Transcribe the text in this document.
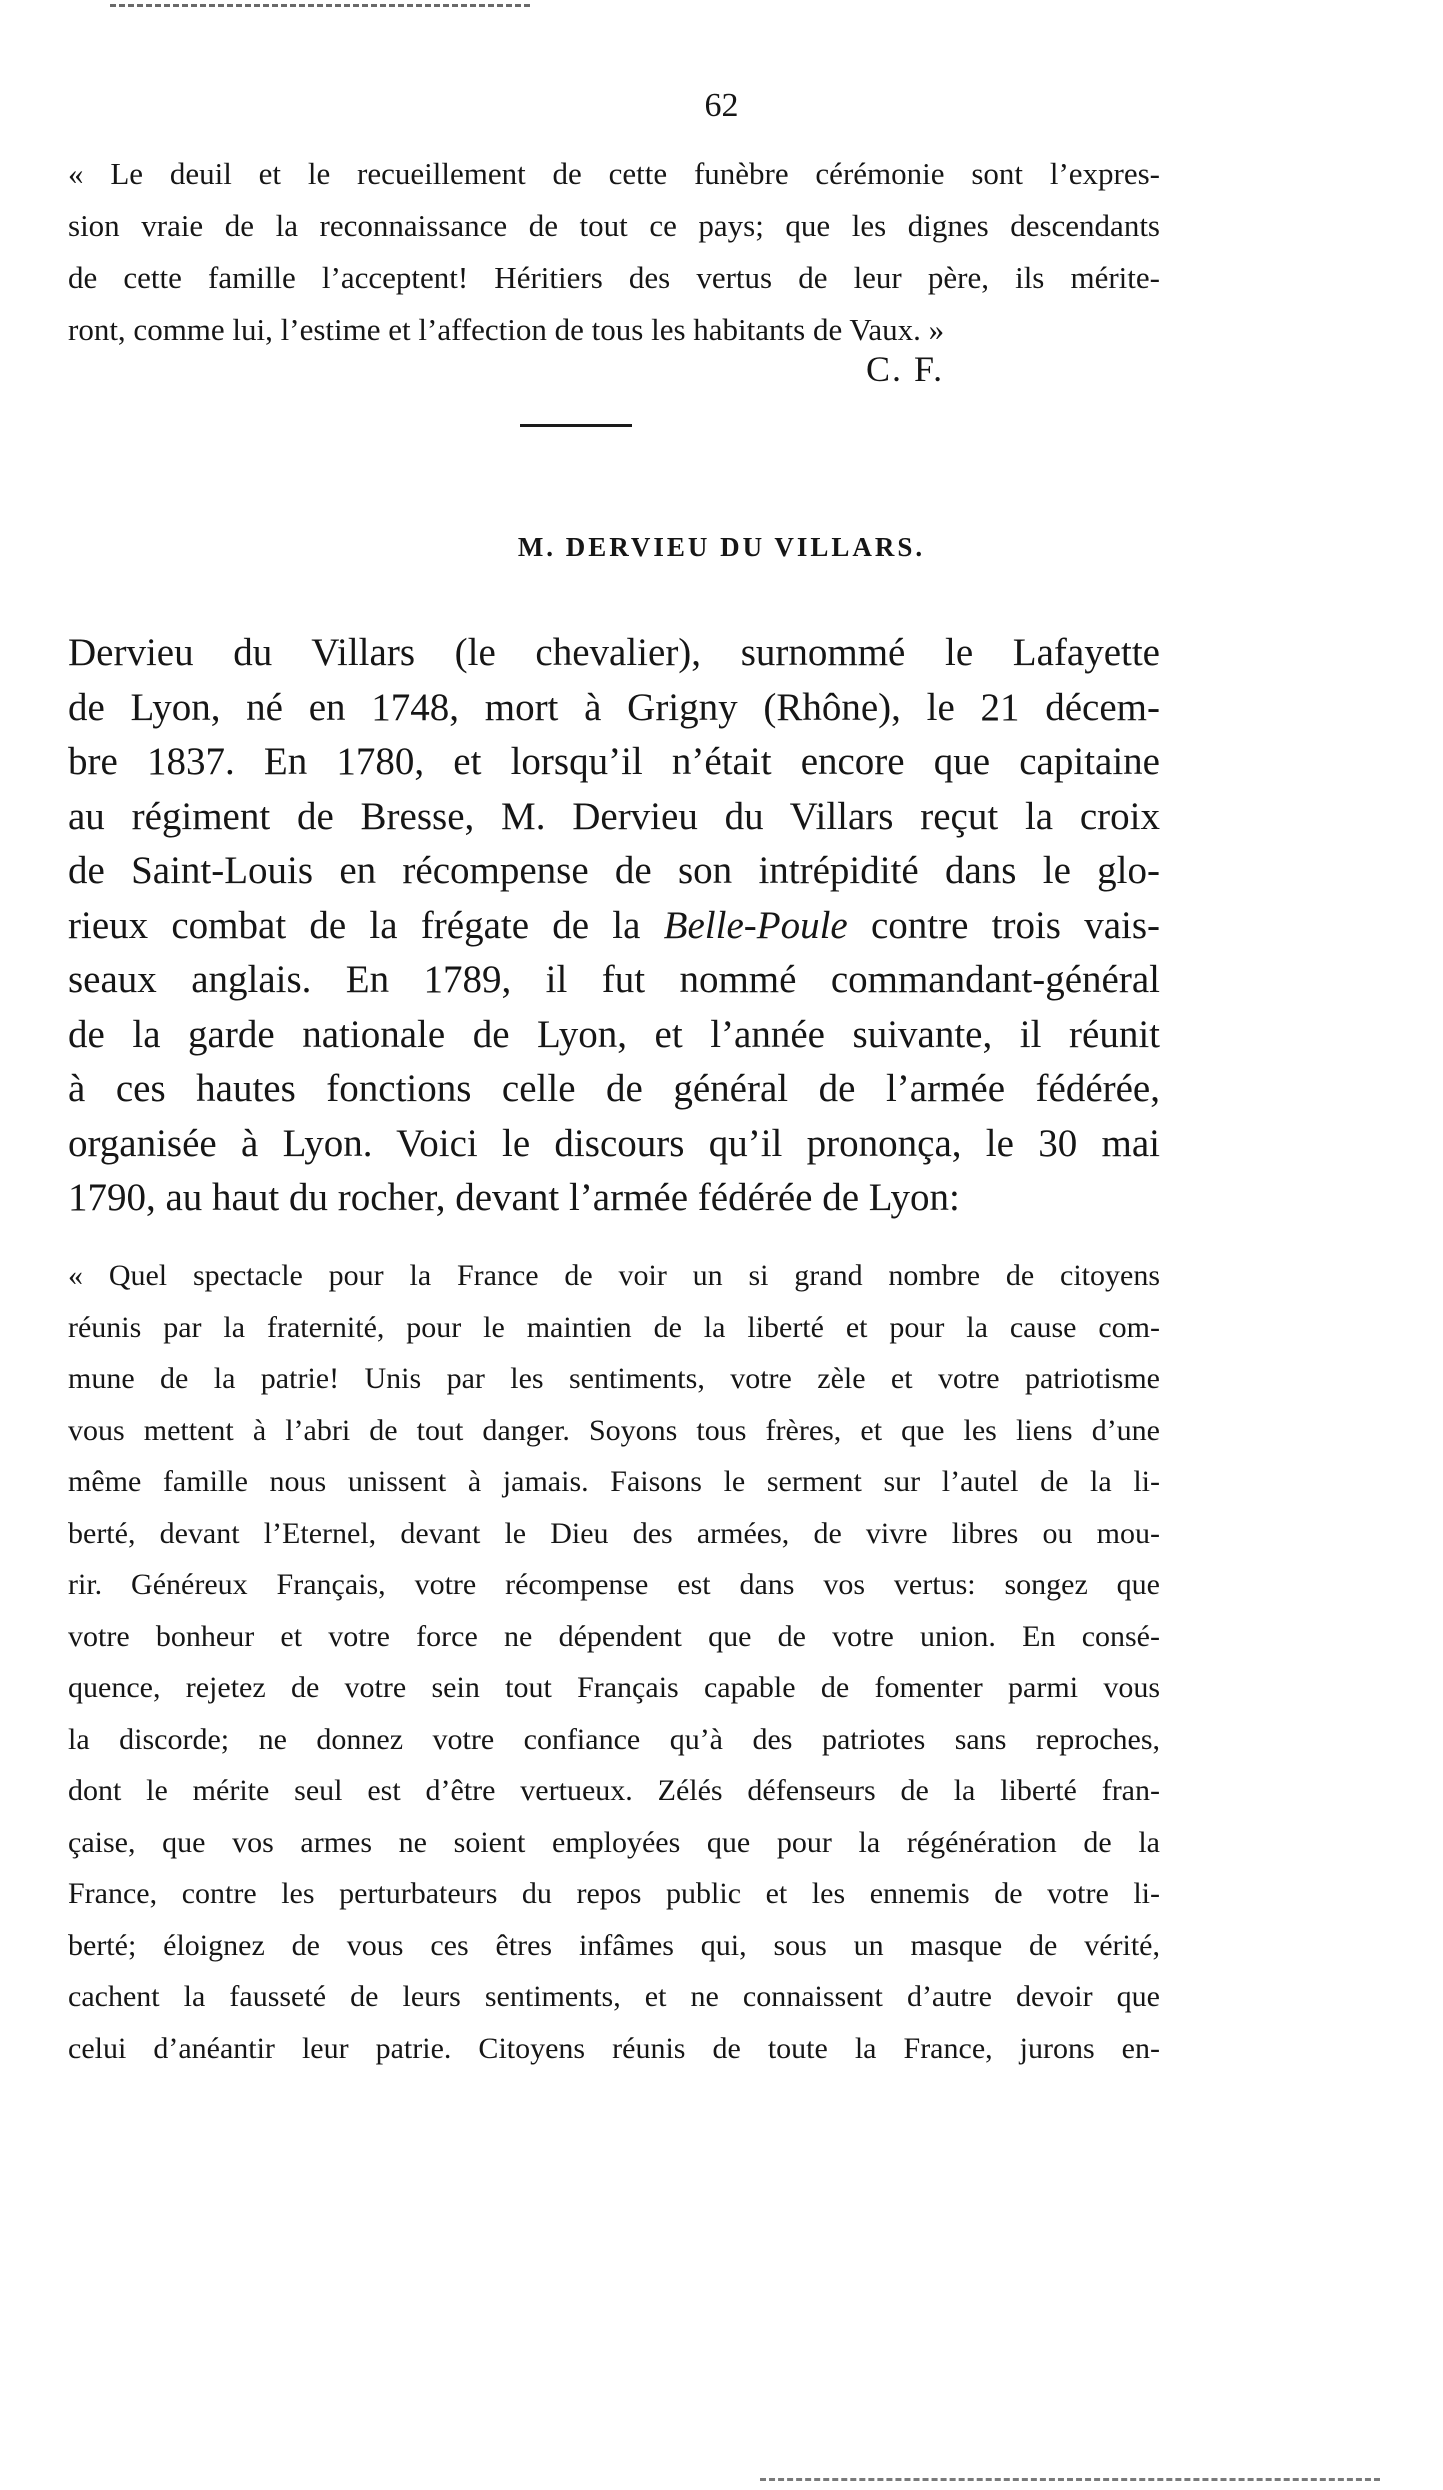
62
« Le deuil et le recueillement de cette funèbre cérémonie sont l’expres-
sion vraie de la reconnaissance de tout ce pays; que les dignes descendants
de cette famille l’acceptent! Héritiers des vertus de leur père, ils mérite-
ront, comme lui, l’estime et l’affection de tous les habitants de Vaux. »
C. F.
M. DERVIEU DU VILLARS.
Dervieu du Villars (le chevalier), surnommé le Lafayette
de Lyon, né en 1748, mort à Grigny (Rhône), le 21 décem-
bre 1837. En 1780, et lorsqu’il n’était encore que capitaine
au régiment de Bresse, M. Dervieu du Villars reçut la croix
de Saint-Louis en récompense de son intrépidité dans le glo-
rieux combat de la frégate de la Belle-Poule contre trois vais-
seaux anglais. En 1789, il fut nommé commandant-général
de la garde nationale de Lyon, et l’année suivante, il réunit
à ces hautes fonctions celle de général de l’armée fédérée,
organisée à Lyon. Voici le discours qu’il prononça, le 30 mai
1790, au haut du rocher, devant l’armée fédérée de Lyon:
« Quel spectacle pour la France de voir un si grand nombre de citoyens
réunis par la fraternité, pour le maintien de la liberté et pour la cause com-
mune de la patrie! Unis par les sentiments, votre zèle et votre patriotisme
vous mettent à l’abri de tout danger. Soyons tous frères, et que les liens d’une
même famille nous unissent à jamais. Faisons le serment sur l’autel de la li-
berté, devant l’Eternel, devant le Dieu des armées, de vivre libres ou mou-
rir. Généreux Français, votre récompense est dans vos vertus: songez que
votre bonheur et votre force ne dépendent que de votre union. En consé-
quence, rejetez de votre sein tout Français capable de fomenter parmi vous
la discorde; ne donnez votre confiance qu’à des patriotes sans reproches,
dont le mérite seul est d’être vertueux. Zélés défenseurs de la liberté fran-
çaise, que vos armes ne soient employées que pour la régénération de la
France, contre les perturbateurs du repos public et les ennemis de votre li-
berté; éloignez de vous ces êtres infâmes qui, sous un masque de vérité,
cachent la fausseté de leurs sentiments, et ne connaissent d’autre devoir que
celui d’anéantir leur patrie. Citoyens réunis de toute la France, jurons en-
